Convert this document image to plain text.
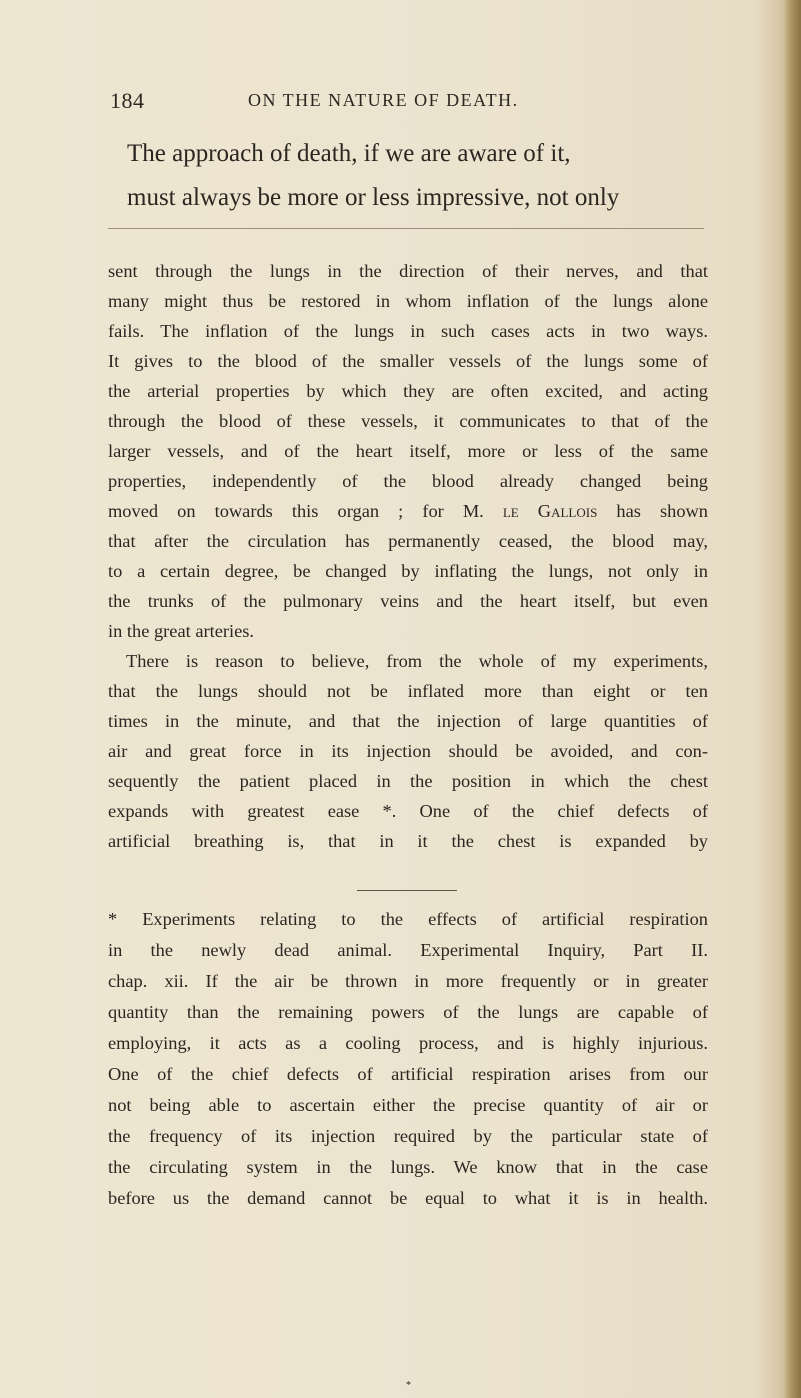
184	ON THE NATURE OF DEATH.
The approach of death, if we are aware of it,
must always be more or less impressive, not only
sent through the lungs in the direction of their nerves, and that
many might thus be restored in whom inflation of the lungs alone
fails. The inflation of the lungs in such cases acts in two ways.
It gives to the blood of the smaller vessels of the lungs some of
the arterial properties by which they are often excited, and acting
through the blood of these vessels, it communicates to that of the
larger vessels, and of the heart itself, more or less of the same
properties, independently of the blood already changed being
moved on towards this organ ; for M. le Gallois has shown
that after the circulation has permanently ceased, the blood may,
to a certain degree, be changed by inflating the lungs, not only in
the trunks of the pulmonary veins and the heart itself, but even
in the great arteries.
There is reason to believe, from the whole of my experiments,
that the lungs should not be inflated more than eight or ten
times in the minute, and that the injection of large quantities of
air and great force in its injection should be avoided, and con-
sequently the patient placed in the position in which the chest
expands with greatest ease *. One of the chief defects of
artificial breathing is, that in it the chest is expanded by
* Experiments relating to the effects of artificial respiration
in the newly dead animal. Experimental Inquiry, Part II.
chap. xii. If the air be thrown in more frequently or in greater
quantity than the remaining powers of the lungs are capable of
employing, it acts as a cooling process, and is highly injurious.
One of the chief defects of artificial respiration arises from our
not being able to ascertain either the precise quantity of air or
the frequency of its injection required by the particular state of
the circulating system in the lungs. We know that in the case
before us the demand cannot be equal to what it is in health.
*
